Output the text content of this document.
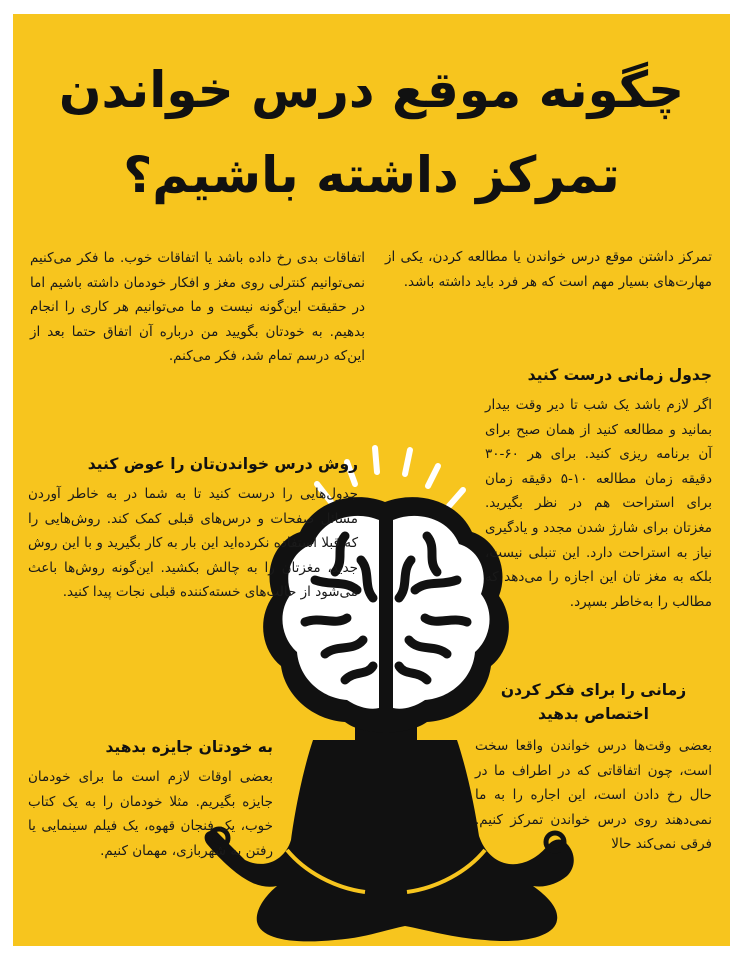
چگونه موقع درس خواندن
تمرکز داشته باشیم؟

تمرکز داشتن موقع درس خواندن یا مطالعه کردن، یکی از مهارت‌های بسیار مهم است که هر فرد باید داشته باشد.

جدول زمانی درست کنید

اگر لازم باشد یک شب تا دیر وقت بیدار بمانید و مطالعه کنید از همان صبح برای آن برنامه ریزی کنید. برای هر ۶۰-۳۰ دقیقه زمان مطالعه ۱۰-۵ دقیقه زمان برای استراحت هم در نظر بگیرید. مغزتان برای شارژ شدن مجدد و یادگیری نیاز به استراحت دارد. این تنبلی نیست، بلکه به مغز تان این اجازه را می‌دهد که مطالب را به‌خاطر بسپرد.

زمانی را برای فکر کردن اختصاص بدهید

بعضی وقت‌ها درس خواندن واقعا سخت است، چون اتفاقاتی که در اطراف ما در حال رخ دادن است، این اجاره را به ما نمی‌دهند روی درس خواندن تمرکز کنیم. فرقی نمی‌کند حالا

اتفاقات بدی رخ داده باشد یا اتفاقات خوب. ما فکر می‌کنیم نمی‌توانیم کنترلی روی مغز و افکار خودمان داشته باشیم اما در حقیقت این‌گونه نیست و ما می‌توانیم هر کاری را انجام بدهیم. به خودتان بگویید من درباره آن اتفاق حتما بعد از این‌که درسم تمام شد، فکر می‌کنم.

روش درس خواندن‌تان را عوض کنید

جدول‌هایی را درست کنید تا به شما در به خاطر آوردن مسائل صفحات و درس‌های قبلی کمک کند. روش‌هایی را که قبلا استفاده نکرده‌اید این بار به کار بگیرید و با این روش جدید، مغزتان را به چالش بکشید. این‌گونه روش‌ها باعث می‌شود از حالت‌های خسته‌کننده قبلی نجات پیدا کنید.

به خودتان جایزه بدهید

بعضی اوقات لازم است ما برای خودمان جایزه بگیریم. مثلا خودمان را به یک کتاب خوب، یک فنجان قهوه، یک فیلم سینمایی یا رفتن به شهربازی، مهمان کنیم.
